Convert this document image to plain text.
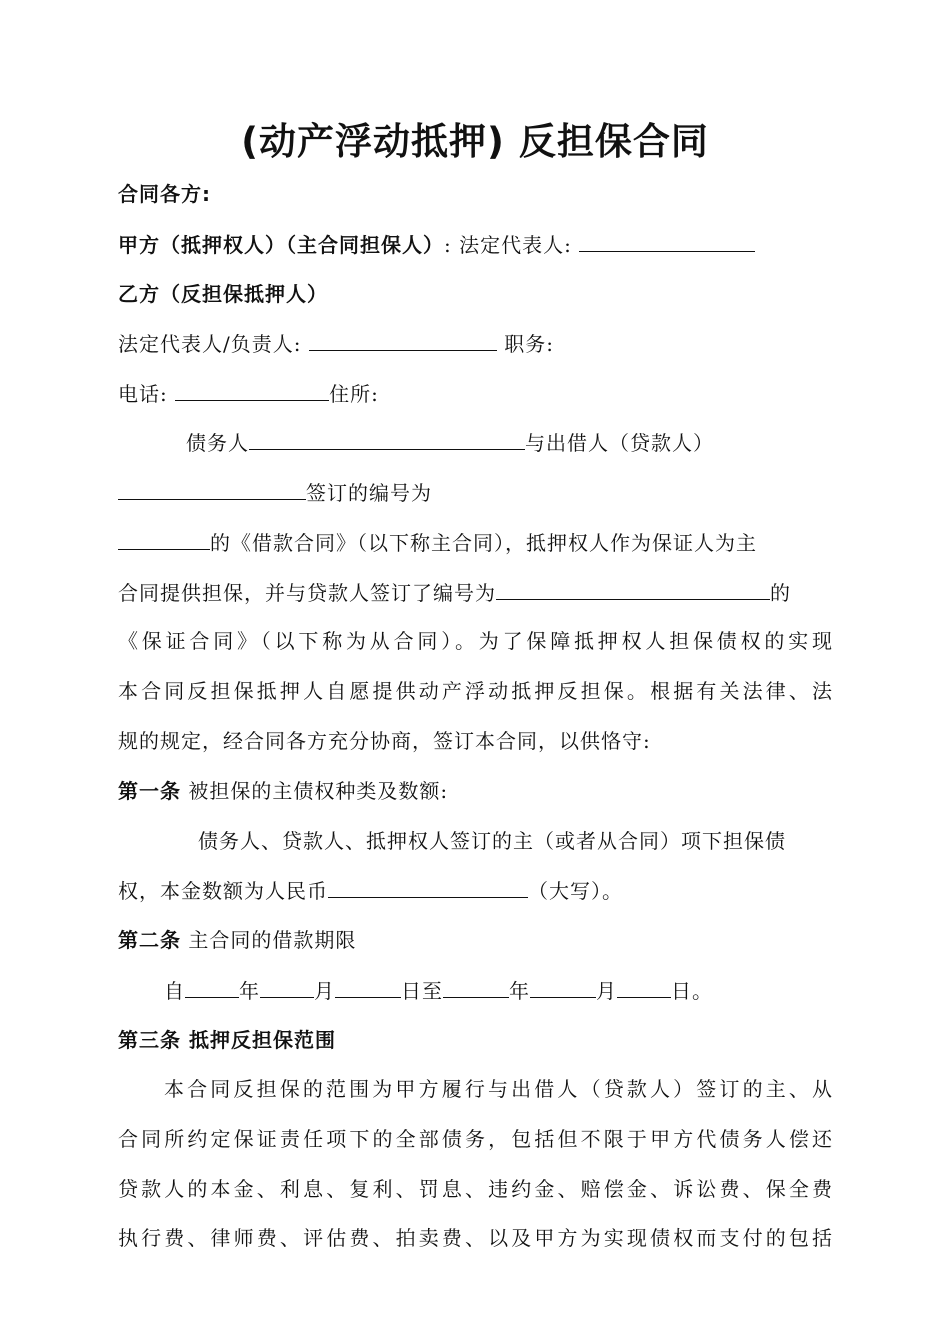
(动产浮动抵押) 反担保合同
合同各方:
甲方（抵押权人）（主合同担保人）: 法定代表人:
乙方（反担保抵押人）
法定代表人/负责人:	职务:
电话:	住所:
债务人	与出借人（贷款人）
签订的编号为
的《借款合同》（以下称主合同），抵押权人作为保证人为主
合同提供担保，并与贷款人签订了编号为	的
《保证合同》（以下称为从合同）。为了保障抵押权人担保债权的实现
本合同反担保抵押人自愿提供动产浮动抵押反担保。根据有关法律、法
规的规定，经合同各方充分协商，签订本合同，以供恪守:
第一条 被担保的主债权种类及数额:
债务人、贷款人、抵押权人签订的主（或者从合同）项下担保债
权，本金数额为人民币	（大写）。
第二条 主合同的借款期限
自	年	月	日至	年	月	日。
第三条 抵押反担保范围
本合同反担保的范围为甲方履行与出借人（贷款人）签订的主、从
合同所约定保证责任项下的全部债务，包括但不限于甲方代债务人偿还
贷款人的本金、利息、复利、罚息、违约金、赔偿金、诉讼费、保全费
执行费、律师费、评估费、拍卖费、以及甲方为实现债权而支付的包括
